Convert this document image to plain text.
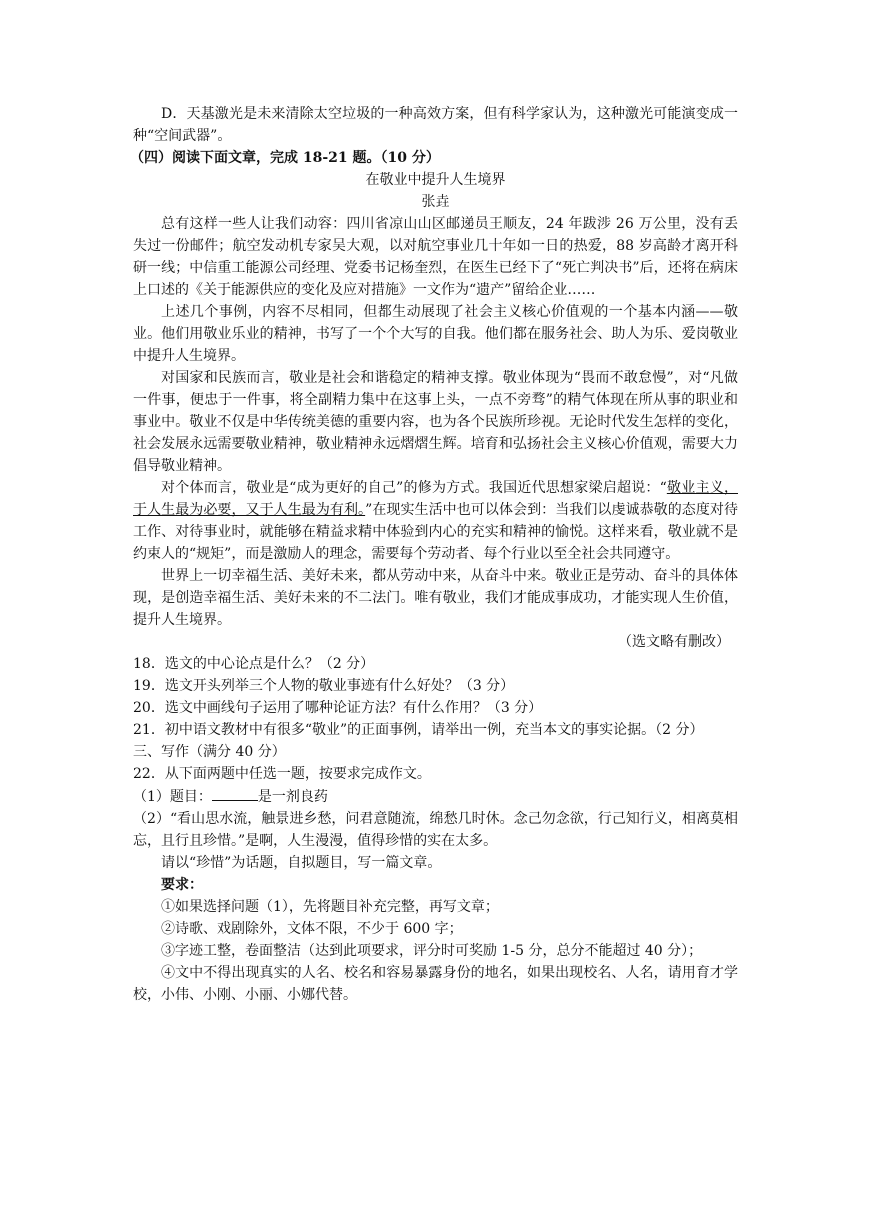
D．天基激光是未来清除太空垃圾的一种高效方案，但有科学家认为，这种激光可能演变成一种“空间武器”。

（四）阅读下面文章，完成 18-21 题。（10 分）

在敬业中提升人生境界

张垚

总有这样一些人让我们动容：四川省凉山山区邮递员王顺友，24 年跋涉 26 万公里，没有丢失过一份邮件；航空发动机专家吴大观，以对航空事业几十年如一日的热爱，88 岁高龄才离开科研一线；中信重工能源公司经理、党委书记杨奎烈，在医生已经下了“死亡判决书”后，还将在病床上口述的《关于能源供应的变化及应对措施》一文作为“遗产”留给企业……

上述几个事例，内容不尽相同，但都生动展现了社会主义核心价值观的一个基本内涵——敬业。他们用敬业乐业的精神，书写了一个个大写的自我。他们都在服务社会、助人为乐、爱岗敬业中提升人生境界。

对国家和民族而言，敬业是社会和谐稳定的精神支撑。敬业体现为“畏而不敢怠慢”，对“凡做一件事，便忠于一件事，将全副精力集中在这事上头，一点不旁骛”的精气体现在所从事的职业和事业中。敬业不仅是中华传统美德的重要内容，也为各个民族所珍视。无论时代发生怎样的变化，社会发展永远需要敬业精神，敬业精神永远熠熠生辉。培育和弘扬社会主义核心价值观，需要大力倡导敬业精神。

对个体而言，敬业是“成为更好的自己”的修为方式。我国近代思想家梁启超说：“敬业主义，于人生最为必要，又于人生最为有利。”在现实生活中也可以体会到：当我们以虔诚恭敬的态度对待工作、对待事业时，就能够在精益求精中体验到内心的充实和精神的愉悦。这样来看，敬业就不是约束人的“规矩”，而是激励人的理念，需要每个劳动者、每个行业以至全社会共同遵守。

世界上一切幸福生活、美好未来，都从劳动中来，从奋斗中来。敬业正是劳动、奋斗的具体体现，是创造幸福生活、美好未来的不二法门。唯有敬业，我们才能成事成功，才能实现人生价值，提升人生境界。

（选文略有删改）

18．选文的中心论点是什么？（2 分）

19．选文开头列举三个人物的敬业事迹有什么好处？（3 分）

20．选文中画线句子运用了哪种论证方法？有什么作用？（3 分）

21．初中语文教材中有很多“敬业”的正面事例，请举出一例，充当本文的事实论据。（2 分）

三、写作（满分 40 分）

22．从下面两题中任选一题，按要求完成作文。

（1）题目：	是一剂良药

（2）“看山思水流，触景进乡愁，问君意随流，绵愁几时休。念己勿念欲，行己知行义，相离莫相忘，且行且珍惜。”是啊，人生漫漫，值得珍惜的实在太多。

请以“珍惜”为话题，自拟题目，写一篇文章。

要求：

①如果选择问题（1），先将题目补充完整，再写文章；

②诗歌、戏剧除外，文体不限，不少于 600 字；

③字迹工整，卷面整洁（达到此项要求，评分时可奖励 1-5 分，总分不能超过 40 分）；

④文中不得出现真实的人名、校名和容易暴露身份的地名，如果出现校名、人名，请用育才学校，小伟、小刚、小丽、小娜代替。
